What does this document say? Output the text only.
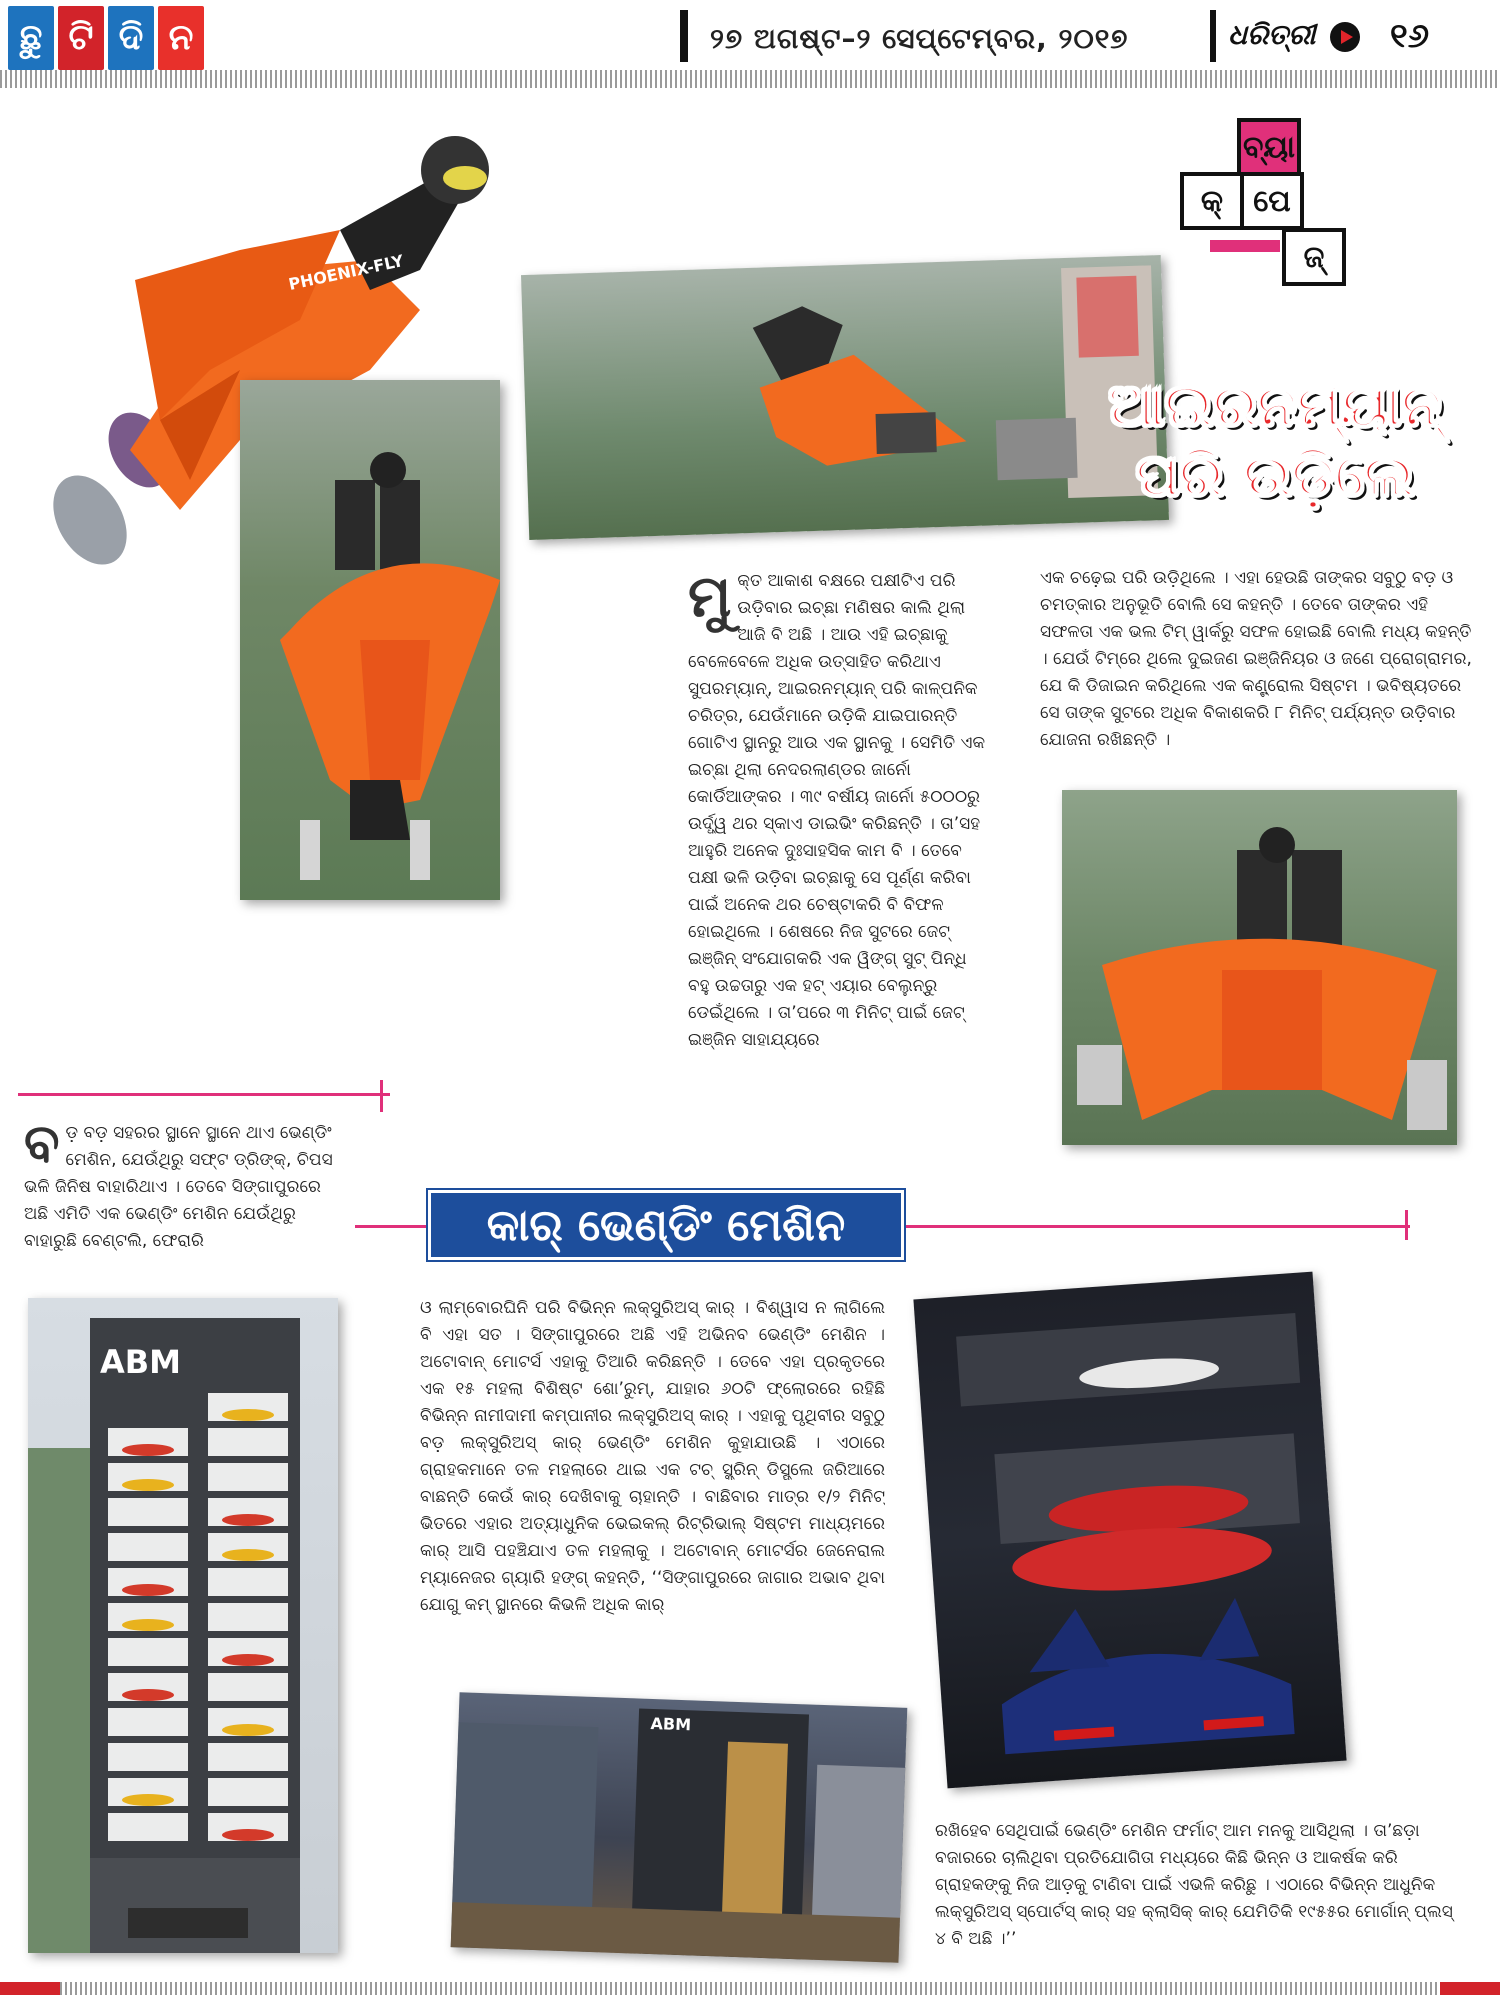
ଛୁ ଟି ଦି ନ	୨୭ ଅଗଷ୍ଟ–୨ ସେପ୍ଟେମ୍ବର, ୨୦୧୭	ଧରିତ୍ରୀ ୧୬
ବ୍ୟା
କ୍	ପେ
ଜ୍
PHOENIX-FLY
ଆଇରନମ୍ୟାନ୍
ପରି ଉଡ଼ିଲେ
ମୁ କ୍ତ ଆକାଶ ବକ୍ଷରେ ପକ୍ଷୀଟିଏ ପରି ଉଡ଼ିବାର ଇଚ୍ଛା ମଣିଷର କାଲି ଥିଲା ଆଜି ବି ଅଛି । ଆଉ ଏହି ଇଚ୍ଛାକୁ ବେଳେବେଳେ ଅଧିକ ଉତ୍ସାହିତ କରିଥାଏ ସୁପରମ୍ୟାନ୍, ଆଇରନମ୍ୟାନ୍ ପରି କାଳ୍ପନିକ ଚରିତ୍ର, ଯେଉଁମାନେ ଉଡ଼ିକି ଯାଇପାରନ୍ତି ଗୋଟିଏ ସ୍ଥାନରୁ ଆଉ ଏକ ସ୍ଥାନକୁ । ସେମିତି ଏକ ଇଚ୍ଛା ଥିଲା ନେଦରଲାଣ୍ଡର ଜାର୍ନୋ କୋର୍ଡିଆଙ୍କର । ୩୯ ବର୍ଷୀୟ ଜାର୍ନୋ ୫୦୦୦ରୁ ଉର୍ଦ୍ଧ୍ୱ ଥର ସ୍କାଏ ଡାଇଭିଂ କରିଛନ୍ତି । ତା’ସହ ଆହୁରି ଅନେକ ଦୁଃସାହସିକ କାମ ବି । ତେବେ ପକ୍ଷୀ ଭଳି ଉଡ଼ିବା ଇଚ୍ଛାକୁ ସେ ପୂର୍ଣ୍ଣ କରିବା ପାଇଁ ଅନେକ ଥର ଚେଷ୍ଟାକରି ବି ବିଫଳ ହୋଇଥିଲେ । ଶେଷରେ ନିଜ ସୁଟରେ ଜେଟ୍ ଇଞ୍ଜିନ୍ ସଂଯୋଗକରି ଏକ ୱିଙ୍ଗ୍ ସୁଟ୍ ପିନ୍ଧି ବହୁ ଉଚ୍ଚତାରୁ ଏକ ହଟ୍ ଏୟାର ବେଲୁନ୍‌ରୁ ଡେଇଁଥିଲେ । ତା’ପରେ ୩ ମିନିଟ୍ ପାଇଁ ଜେଟ୍ ଇଞ୍ଜିନ ସାହାଯ୍ୟରେ
ଏକ ଚଢ଼େଇ ପରି ଉଡ଼ିଥିଲେ । ଏହା ହେଉଛି ତାଙ୍କର ସବୁଠୁ ବଡ଼ ଓ ଚମତ୍କାର ଅନୁଭୂତି ବୋଲି ସେ କହନ୍ତି । ତେବେ ତାଙ୍କର ଏହି ସଫଳତା ଏକ ଭଲ ଟିମ୍ ୱାର୍କରୁ ସଫଳ ହୋଇଛି ବୋଲି ମଧ୍ୟ କହନ୍ତି । ଯେଉଁ ଟିମ୍‌ରେ ଥିଲେ ଦୁଇଜଣ ଇଞ୍ଜିନିୟର ଓ ଜଣେ ପ୍ରୋଗ୍ରାମର, ଯେ କି ଡିଜାଇନ କରିଥିଲେ ଏକ କଣ୍ଟ୍ରୋଲ ସିଷ୍ଟମ । ଭବିଷ୍ୟତରେ ସେ ତାଙ୍କ ସୁଟରେ ଅଧିକ ବିକାଶକରି ୮ ମିନିଟ୍ ପର୍ଯ୍ୟନ୍ତ ଉଡ଼ିବାର ଯୋଜନା ରଖିଛନ୍ତି ।
ବ ଡ଼ ବଡ଼ ସହରର ସ୍ଥାନେ ସ୍ଥାନେ ଥାଏ ଭେଣ୍ଡିଂ ମେଶିନ, ଯେଉଁଥିରୁ ସଫ୍ଟ ଡ୍ରିଙ୍କ୍, ଚିପସ ଭଳି ଜିନିଷ ବାହାରିଥାଏ । ତେବେ ସିଙ୍ଗାପୁରରେ ଅଛି ଏମିତି ଏକ ଭେଣ୍ଡିଂ ମେଶିନ ଯେଉଁଥିରୁ ବାହାରୁଛି ବେଣ୍ଟଲି, ଫେରାରି	କାର୍ ଭେଣ୍ଡିଂ ମେଶିନ
ABM
ଓ ଲାମ୍ବୋରଘିନି ପରି ବିଭିନ୍ନ ଲକ୍ସୁରିଅସ୍ କାର୍ । ବିଶ୍ୱାସ ନ ଲାଗିଲେ ବି ଏହା ସତ । ସିଙ୍ଗାପୁରରେ ଅଛି ଏହି ଅଭିନବ ଭେଣ୍ଡିଂ ମେଶିନ । ଅଟୋବାନ୍ ମୋଟର୍ସ ଏହାକୁ ତିଆରି କରିଛନ୍ତି । ତେବେ ଏହା ପ୍ରକୃତରେ ଏକ ୧୫ ମହଲା ବିଶିଷ୍ଟ ଶୋ’ରୁମ୍, ଯାହାର ୬୦ଟି ଫ୍ଲୋରରେ ରହିଛି ବିଭିନ୍ନ ନାମୀଦାମୀ କମ୍ପାନୀର ଲକ୍ସୁରିଅସ୍ କାର୍ । ଏହାକୁ ପୃଥିବୀର ସବୁଠୁ ବଡ଼ ଲକ୍ସୁରିଅସ୍ କାର୍ ଭେଣ୍ଡିଂ ମେଶିନ କୁହାଯାଉଛି । ଏଠାରେ ଗ୍ରାହକମାନେ ତଳ ମହଲାରେ ଥାଇ ଏକ ଟଚ୍ ସ୍କ୍ରିନ୍ ଡିସ୍ପ୍ଲେ ଜରିଆରେ ବାଛନ୍ତି କେଉଁ କାର୍ ଦେଖିବାକୁ ଚାହାନ୍ତି । ବାଛିବାର ମାତ୍ର ୧/୨ ମିନିଟ୍ ଭିତରେ ଏହାର ଅତ୍ୟାଧୁନିକ ଭେଇକଲ୍ ରିଟ୍ରିଭାଲ୍ ସିଷ୍ଟମ ମାଧ୍ୟମରେ କାର୍ ଆସି ପହଞ୍ଚିଯାଏ ତଳ ମହଲାକୁ । ଅଟୋବାନ୍ ମୋଟର୍ସର ଜେନେରାଲ ମ୍ୟାନେଜର ଗ୍ୟାରି ହଙ୍ଗ୍ କହନ୍ତି, ‘‘ସିଙ୍ଗାପୁରରେ ଜାଗାର ଅଭାବ ଥିବା ଯୋଗୁ କମ୍ ସ୍ଥାନରେ କିଭଳି ଅଧିକ କାର୍
ABM
ରଖିହେବ ସେଥିପାଇଁ ଭେଣ୍ଡିଂ ମେଶିନ ଫର୍ମାଟ୍ ଆମ ମନକୁ ଆସିଥିଲା । ତା’ଛଡ଼ା ବଜାରରେ ଚାଲିଥିବା ପ୍ରତିଯୋଗିତା ମଧ୍ୟରେ କିଛି ଭିନ୍ନ ଓ ଆକର୍ଷକ କରି ଗ୍ରାହକଙ୍କୁ ନିଜ ଆଡ଼କୁ ଟାଣିବା ପାଇଁ ଏଭଳି କରିଛୁ । ଏଠାରେ ବିଭିନ୍ନ ଆଧୁନିକ ଲକ୍ସୁରିଅସ୍ ସ୍ପୋର୍ଟସ୍ କାର୍ ସହ କ୍ଲାସିକ୍ କାର୍ ଯେମିତିକି ୧୯୫୫ର ମୋର୍ଗାନ୍ ପ୍ଲସ୍ ୪ ବି ଅଛି ।’’
